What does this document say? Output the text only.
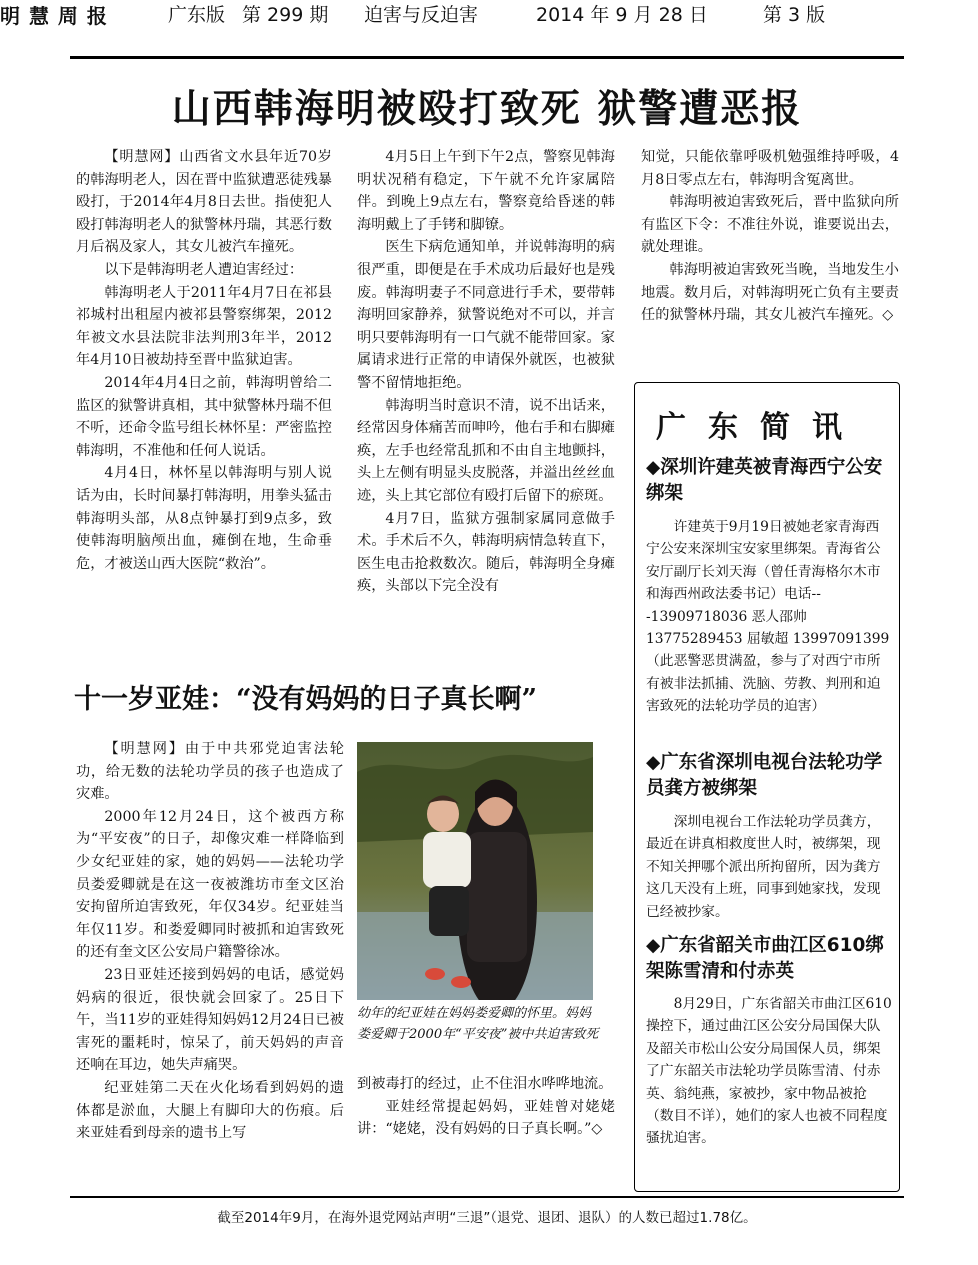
明 慧 周 报	广东版 第 299 期 迫害与反迫害	2014 年 9 月 28 日	第 3 版
山西韩海明被殴打致死 狱警遭恶报

【明慧网】山西省文水县年近70岁的韩海明老人，因在晋中监狱遭恶徒残暴殴打，于2014年4月8日去世。指使犯人殴打韩海明老人的狱警林丹瑞，其恶行数月后祸及家人，其女儿被汽车撞死。

以下是韩海明老人遭迫害经过：

韩海明老人于2011年4月7日在祁县祁城村出租屋内被祁县警察绑架，2012年被文水县法院非法判刑3年半，2012年4月10日被劫持至晋中监狱迫害。

2014年4月4日之前，韩海明曾给二监区的狱警讲真相，其中狱警林丹瑞不但不听，还命令监号组长林怀星：严密监控韩海明，不准他和任何人说话。

4月4日，林怀星以韩海明与别人说话为由，长时间暴打韩海明，用拳头猛击韩海明头部，从8点钟暴打到9点多，致使韩海明脑颅出血，瘫倒在地，生命垂危，才被送山西大医院“救治”。

4月5日上午到下午2点，警察见韩海明状况稍有稳定，下午就不允许家属陪伴。到晚上9点左右，警察竟给昏迷的韩海明戴上了手铐和脚镣。

医生下病危通知单，并说韩海明的病很严重，即便是在手术成功后最好也是残废。韩海明妻子不同意进行手术，要带韩海明回家静养，狱警说绝对不可以，并言明只要韩海明有一口气就不能带回家。家属请求进行正常的申请保外就医，也被狱警不留情地拒绝。

韩海明当时意识不清，说不出话来，经常因身体痛苦而呻吟，他右手和右脚瘫痪，左手也经常乱抓和不由自主地颤抖，头上左侧有明显头皮脱落，并溢出丝丝血迹，头上其它部位有殴打后留下的瘀斑。

4月7日，监狱方强制家属同意做手术。手术后不久，韩海明病情急转直下，医生电击抢救数次。随后，韩海明全身瘫痪，头部以下完全没有

知觉，只能依靠呼吸机勉强维持呼吸，4月8日零点左右，韩海明含冤离世。

韩海明被迫害致死后，晋中监狱向所有监区下令：不准往外说，谁要说出去，就处理谁。

韩海明被迫害致死当晚，当地发生小地震。数月后，对韩海明死亡负有主要责任的狱警林丹瑞，其女儿被汽车撞死。◇

十一岁亚娃：“没有妈妈的日子真长啊”

【明慧网】由于中共邪党迫害法轮功，给无数的法轮功学员的孩子也造成了灾难。

2000年12月24日，这个被西方称为“平安夜”的日子，却像灾难一样降临到少女纪亚娃的家，她的妈妈——法轮功学员娄爱卿就是在这一夜被潍坊市奎文区治安拘留所迫害致死，年仅34岁。纪亚娃当年仅11岁。和娄爱卿同时被抓和迫害致死的还有奎文区公安局户籍警徐冰。

23日亚娃还接到妈妈的电话，感觉妈妈病的很近，很快就会回家了。25日下午，当11岁的亚娃得知妈妈12月24日已被害死的噩耗时，惊呆了，前天妈妈的声音还响在耳边，她失声痛哭。

纪亚娃第二天在火化场看到妈妈的遗体都是淤血，大腿上有脚印大的伤痕。后来亚娃看到母亲的遗书上写

幼年的纪亚娃在妈妈娄爱卿的怀里。妈妈娄爱卿于2000年“平安夜”被中共迫害致死

到被毒打的经过，止不住泪水哗哗地流。

亚娃经常提起妈妈，亚娃曾对姥姥讲：“姥姥，没有妈妈的日子真长啊。”◇

广东简讯
◆深圳许建英被青海西宁公安绑架

许建英于9月19日被她老家青海西宁公安来深圳宝安家里绑架。青海省公安厅副厅长刘天海（曾任青海格尔木市和海西州政法委书记）电话---13909718036 恶人邵帅 13775289453 屈敏超 13997091399（此恶警恶贯满盈，参与了对西宁市所有被非法抓捕、洗脑、劳教、判刑和迫害致死的法轮功学员的迫害）

◆广东省深圳电视台法轮功学员龚方被绑架

深圳电视台工作法轮功学员龚方，最近在讲真相救度世人时，被绑架，现不知关押哪个派出所拘留所，因为龚方这几天没有上班，同事到她家找，发现已经被抄家。

◆广东省韶关市曲江区610绑架陈雪清和付赤英

8月29日，广东省韶关市曲江区610操控下，通过曲江区公安分局国保大队及韶关市松山公安分局国保人员，绑架了广东韶关市法轮功学员陈雪清、付赤英、翁纯燕，家被抄，家中物品被抢（数目不详），她们的家人也被不同程度骚扰迫害。

截至2014年9月，在海外退党网站声明“三退”（退党、退团、退队）的人数已超过1.78亿。
